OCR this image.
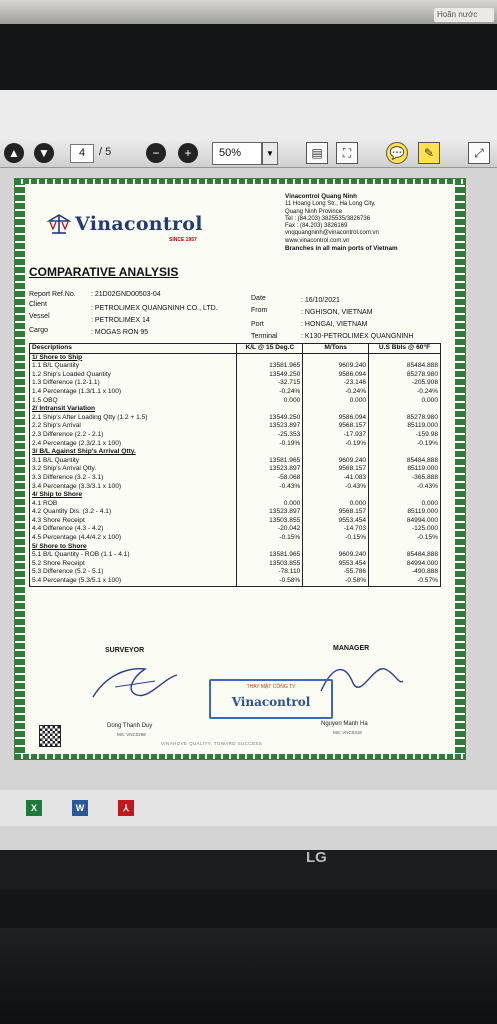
Hoãn nước
▲	▼	4	/ 5	−	+	50%	▼	▤	⛶	💬	✎	⤢
Vinacontrol
SINCE 1957
Vinacontrol Quang Ninh
11 Hoang Long Str., Ha Long City,
Quang Ninh Province
Tel : (84.203) 3825535/3826736
Fax : (84.203) 3826169
vnqquangninh@vinacontrol.com.vn
www.vinacontrol.com.vn
Branches in all main ports of Vietnam
COMPARATIVE ANALYSIS
Report Ref.No. : 21D02GND00503-04
Client
: PETROLIMEX QUANGNINH CO., LTD.
Vessel
: PETROLIMEX 14
Cargo	: MOGAS RON 95
Date	: 16/10/2021
From	: NGHISON, VIETNAM
Port	: HONGAI, VIETNAM
Terminal	: K130-PETROLIMEX QUANGNINH
Descriptions	K/L @ 15 Deg.C	M/Tons	U.S Bbls @ 60°F
1/ Shore to Ship			
1.1 B/L Quantity	13581.965	9609.240	85484.888
1.2 Ship's Loaded Quantity	13549.250	9586.094	85278.980
1.3 Difference (1.2-1.1)	-32.715	-23.146	-205.908
1.4 Percentage (1.3/1.1 x 100)	-0.24%	-0.24%	-0.24%
1.5 OBQ	0.000	0.000	0.000
2/ Intransit Variation			
2.1 Ship's After Loading Qtty (1.2 + 1.5)	13549.250	9586.094	85278.980
2.2 Ship's Arrival	13523.897	9568.157	85119.000
2.3 Difference (2.2 - 2.1)	-25.353	-17.937	-159.98
2.4 Percentage (2.3/2.1 x 100)	-0.19%	-0.19%	-0.19%
3/ B/L Against Ship's Arrival Qtty.			
3.1 B/L Quantity	13581.965	9609.240	85484.888
3.2 Ship's Arrival Qtty.	13523.897	9568.157	85119.000
3.3 Difference (3.2 - 3.1)	-58.068	-41.083	-365.888
3.4 Percentage (3.3/3.1 x 100)	-0.43%	-0.43%	-0.43%
4/ Ship to Shore			
4.1 ROB	0.000	0.000	0.000
4.2 Quantity Dis. (3.2 - 4.1)	13523.897	9568.157	85119.000
4.3 Shore Receipt	13503.855	9553.454	84994.000
4.4 Difference (4.3 - 4.2)	-20.042	-14.703	-125.000
4.5 Percentage (4.4/4.2 x 100)	-0.15%	-0.15%	-0.15%
5/ Shore to Shore			
5.1 B/L Quantity - ROB (1.1 - 4.1)	13581.965	9609.240	85484.888
5.2 Shore Receipt	13503.855	9553.454	84994.000
5.3 Difference (5.2 - 5.1)	-78.110	-55.786	-490.888
5.4 Percentage (5.3/5.1 x 100)	-0.58%	-0.58%	-0.57%
SURVEYOR	MANAGER
THAY MẶT CÔNG TY
Vinacontrol
Dong Thanh Duy
MS: VNC0268
Nguyen Manh Ha
MS: VNC0318
VINAHOVE QUALITY, TOWARD SUCCESS
X	W	⅄
LG
